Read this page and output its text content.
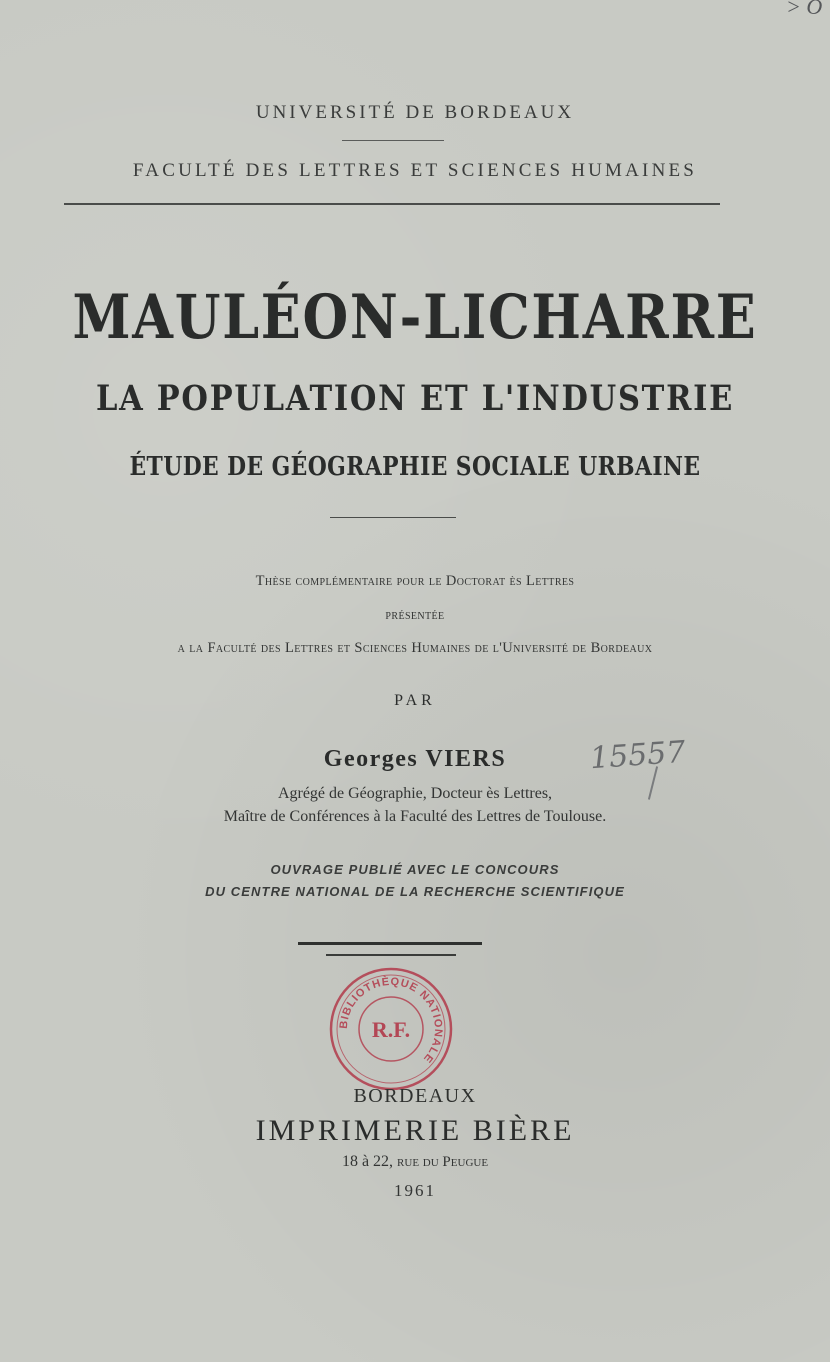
> O
UNIVERSITÉ DE BORDEAUX
FACULTÉ DES LETTRES ET SCIENCES HUMAINES
MAULÉON-LICHARRE
LA POPULATION ET L'INDUSTRIE
ÉTUDE DE GÉOGRAPHIE SOCIALE URBAINE
Thèse complémentaire pour le Doctorat ès Lettres
présentée
a la Faculté des Lettres et Sciences Humaines de l'Université de Bordeaux
PAR
Georges VIERS	15557
Agrégé de Géographie, Docteur ès Lettres,
Maître de Conférences à la Faculté des Lettres de Toulouse.
OUVRAGE PUBLIÉ AVEC LE CONCOURS
DU CENTRE NATIONAL DE LA RECHERCHE SCIENTIFIQUE
BIBLIOTHÈQUE NATIONALE
R.F.
BORDEAUX
IMPRIMERIE BIÈRE
18 à 22, rue du Peugue
1961
